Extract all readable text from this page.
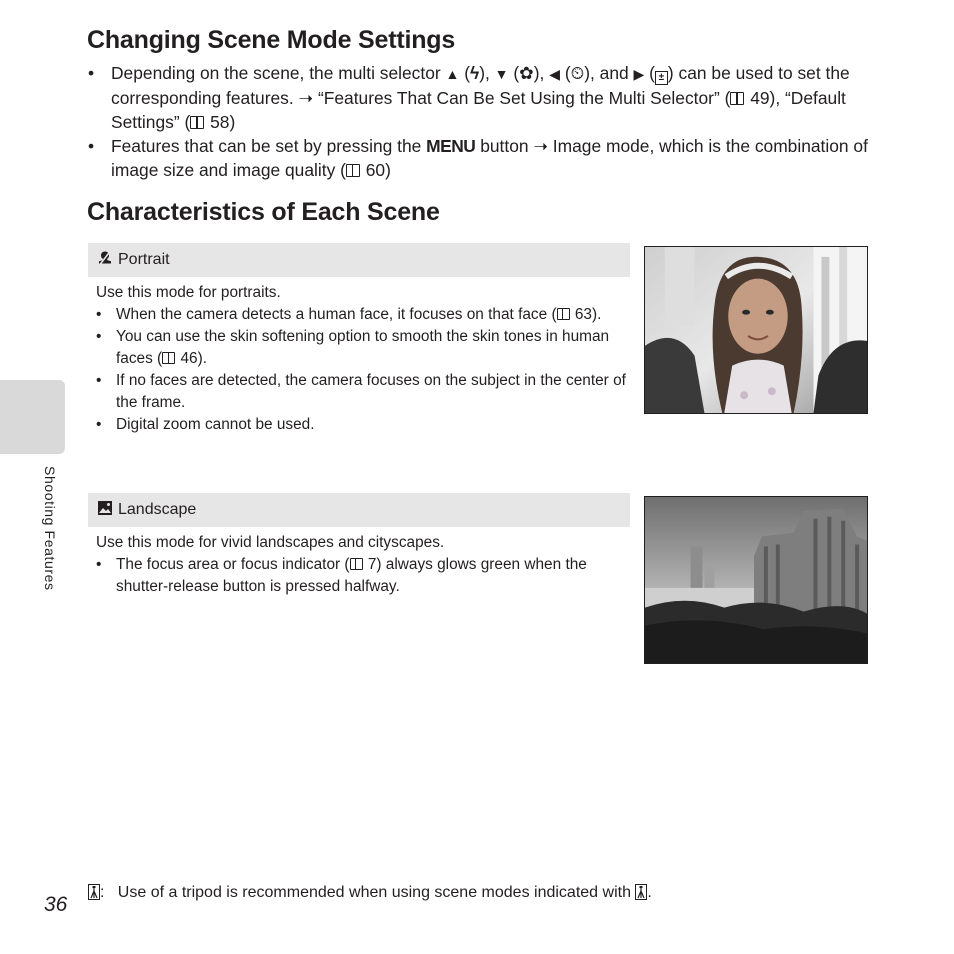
Changing Scene Mode Settings
• Depending on the scene, the multi selector ▲ (ϟ), ▼ (✿), ◀ (⏲), and ▶ ( ± ) can be used to set the corresponding features. ➝ “Features That Can Be Set Using the Multi Selector” ( 49), “Default Settings” ( 58)
• Features that can be set by pressing the MENU button ➝ Image mode, which is the combination of image size and image quality ( 60)
Characteristics of Each Scene
Portrait

Use this mode for portraits.

• When the camera detects a human face, it focuses on that face ( 63).
• You can use the skin softening option to smooth the skin tones in human faces ( 46).
• If no faces are detected, the camera focuses on the subject in the center of the frame.
• Digital zoom cannot be used.
Landscape

Use this mode for vivid landscapes and cityscapes.

• The focus area or focus indicator ( 7) always glows green when the shutter-release button is pressed halfway.
Shooting Features
36
: Use of a tripod is recommended when using scene modes indicated with
.
